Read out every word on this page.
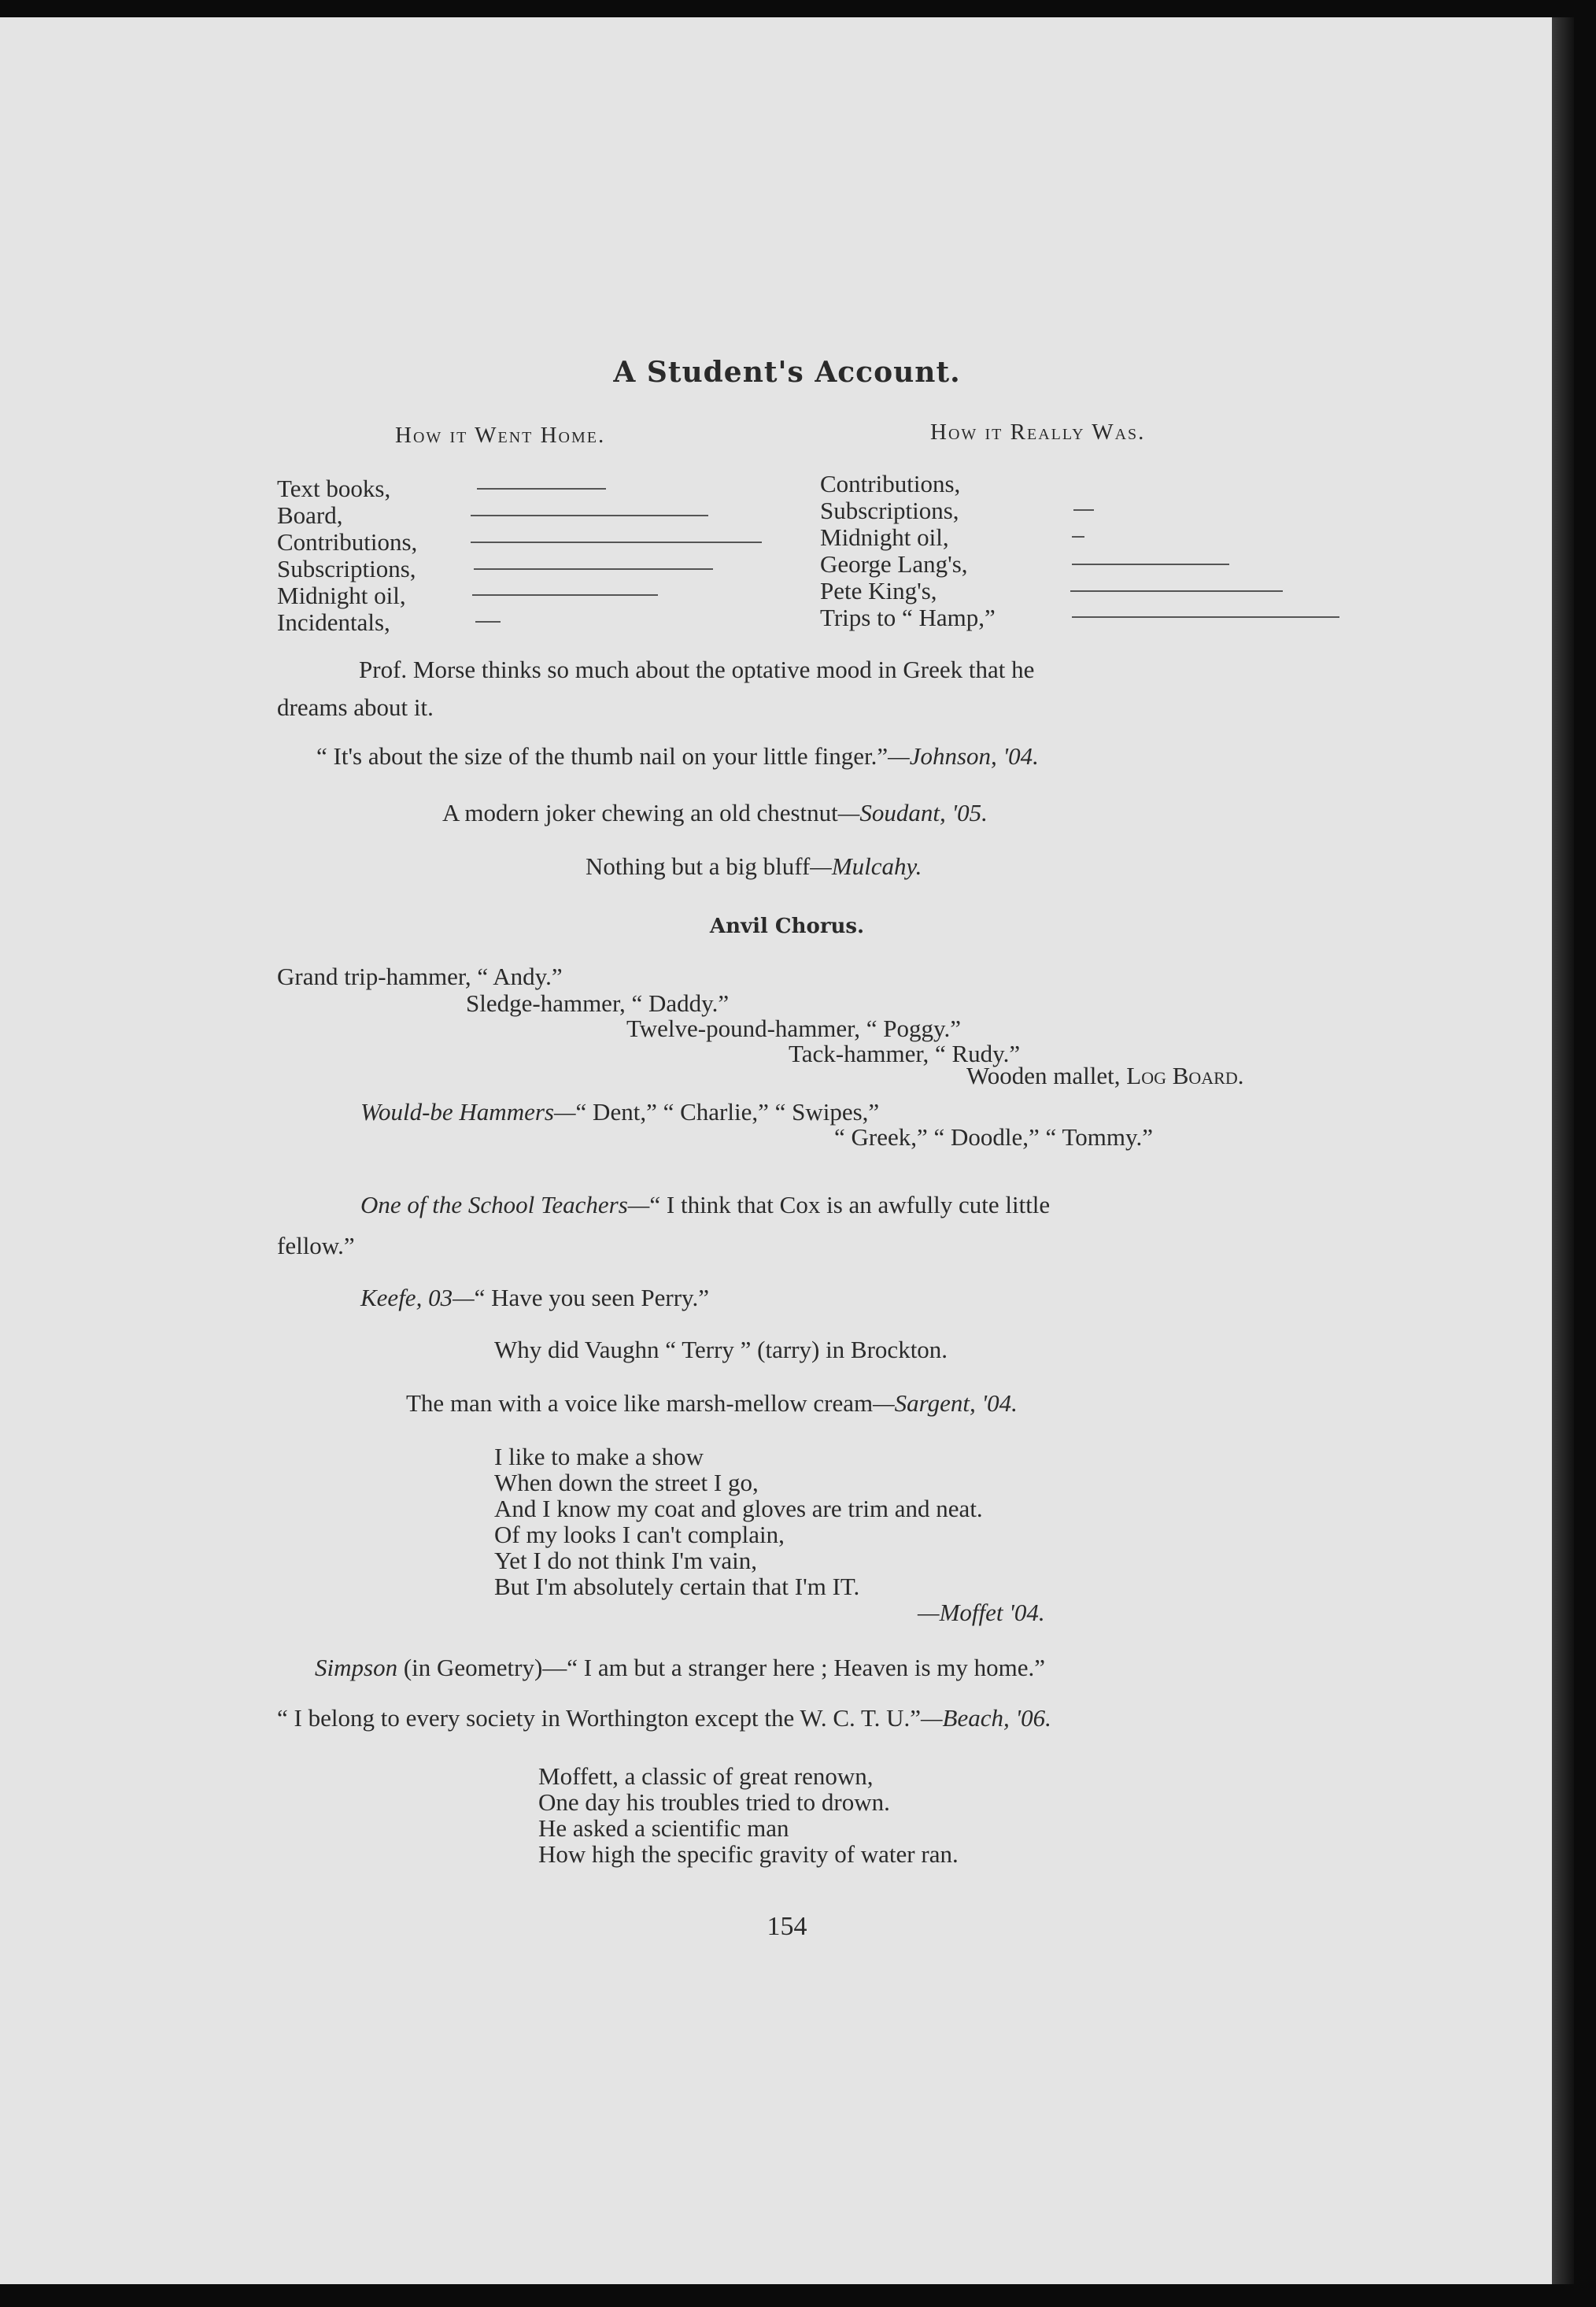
A Student's Account.
How it Went Home.	How it Really Was.
Text books,
Board,
Contributions,
Subscriptions,
Midnight oil,
Incidentals,
Contributions,
Subscriptions,
Midnight oil,
George Lang's,
Pete King's,
Trips to “ Hamp,”
Prof. Morse thinks so much about the optative mood in Greek that he
dreams about it.
“ It's about the size of the thumb nail on your little finger.”—Johnson, '04.
A modern joker chewing an old chestnut—Soudant, '05.
Nothing but a big bluff—Mulcahy.
Anvil Chorus.
Grand trip-hammer, “ Andy.”
Sledge-hammer, “ Daddy.”
Twelve-pound-hammer, “ Poggy.”
Tack-hammer, “ Rudy.”
Wooden mallet, Log Board.
Would-be Hammers—“ Dent,” “ Charlie,” “ Swipes,”
“ Greek,” “ Doodle,” “ Tommy.”
One of the School Teachers—“ I think that Cox is an awfully cute little
fellow.”
Keefe, 03—“ Have you seen Perry.”
Why did Vaughn “ Terry ” (tarry) in Brockton.
The man with a voice like marsh-mellow cream—Sargent, '04.
I like to make a show
When down the street I go,
And I know my coat and gloves are trim and neat.
Of my looks I can't complain,
Yet I do not think I'm vain,
But I'm absolutely certain that I'm IT.
—Moffet '04.
Simpson (in Geometry)—“ I am but a stranger here ; Heaven is my home.”
“ I belong to every society in Worthington except the W. C. T. U.”—Beach, '06.
Moffett, a classic of great renown,
One day his troubles tried to drown.
He asked a scientific man
How high the specific gravity of water ran.
154
